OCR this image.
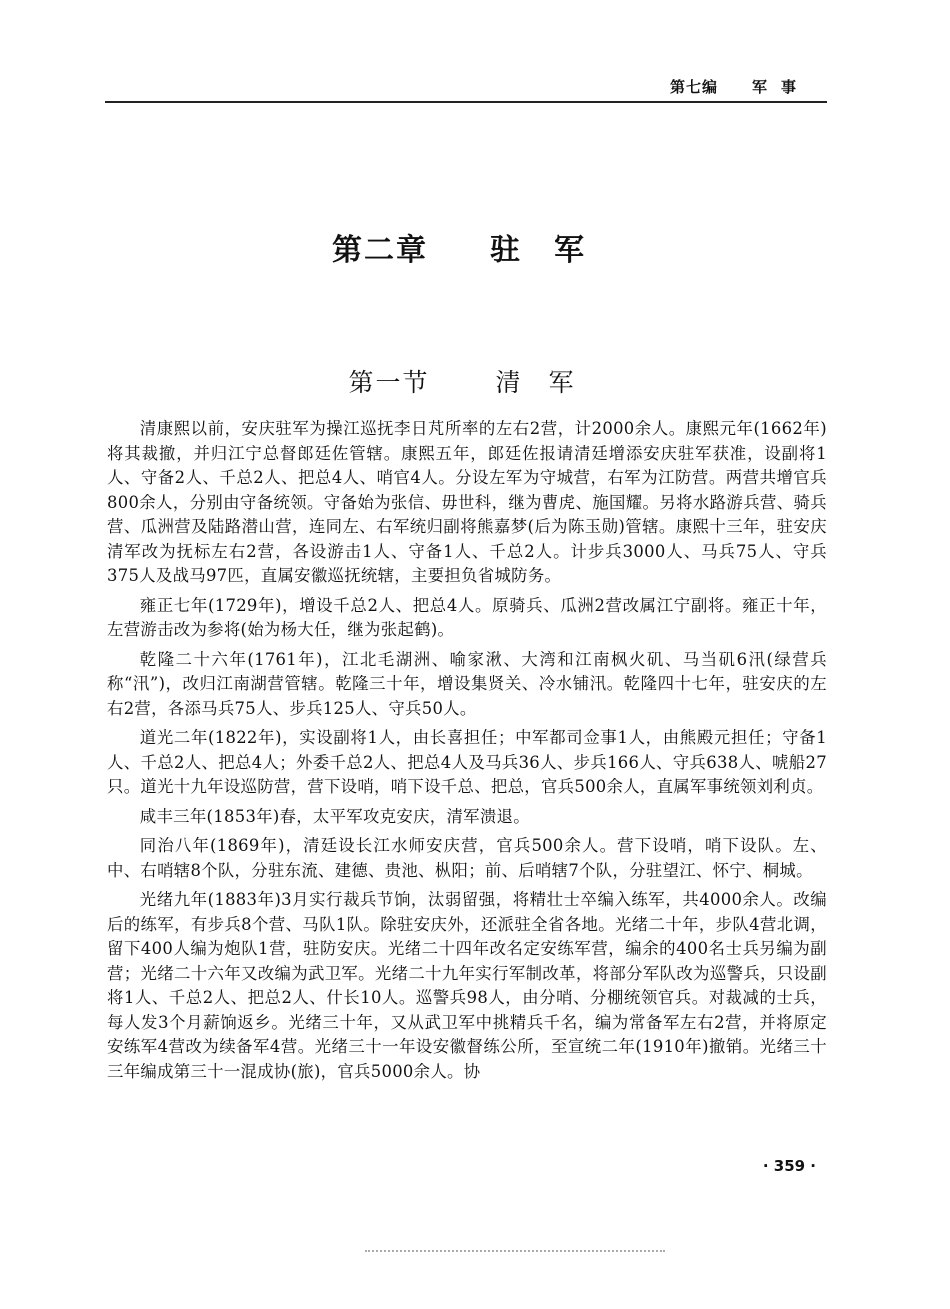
第七编 军事
第二章 驻军
第一节	清军

清康熙以前，安庆驻军为操江巡抚李日芃所率的左右2营，计2000余人。康熙元年(1662年)将其裁撤，并归江宁总督郎廷佐管辖。康熙五年，郎廷佐报请清廷增添安庆驻军获准，设副将1人、守备2人、千总2人、把总4人、哨官4人。分设左军为守城营，右军为江防营。两营共增官兵800余人，分别由守备统领。守备始为张信、毋世科，继为曹虎、施国耀。另将水路游兵营、骑兵营、瓜洲营及陆路潜山营，连同左、右军统归副将熊嘉梦(后为陈玉勋)管辖。康熙十三年，驻安庆清军改为抚标左右2营，各设游击1人、守备1人、千总2人。计步兵3000人、马兵75人、守兵375人及战马97匹，直属安徽巡抚统辖，主要担负省城防务。

雍正七年(1729年)，增设千总2人、把总4人。原骑兵、瓜洲2营改属江宁副将。雍正十年，左营游击改为参将(始为杨大任，继为张起鹤)。

乾隆二十六年(1761年)，江北毛湖洲、喻家湫、大湾和江南枫火矶、马当矶6汛(绿营兵称“汛”)，改归江南湖营管辖。乾隆三十年，增设集贤关、冷水铺汛。乾隆四十七年，驻安庆的左右2营，各添马兵75人、步兵125人、守兵50人。

道光二年(1822年)，实设副将1人，由长喜担任；中军都司佥事1人，由熊殿元担任；守备1人、千总2人、把总4人；外委千总2人、把总4人及马兵36人、步兵166人、守兵638人、唬船27只。道光十九年设巡防营，营下设哨，哨下设千总、把总，官兵500余人，直属军事统领刘利贞。

咸丰三年(1853年)春，太平军攻克安庆，清军溃退。

同治八年(1869年)，清廷设长江水师安庆营，官兵500余人。营下设哨，哨下设队。左、中、右哨辖8个队，分驻东流、建德、贵池、枞阳；前、后哨辖7个队，分驻望江、怀宁、桐城。

光绪九年(1883年)3月实行裁兵节饷，汰弱留强，将精壮士卒编入练军，共4000余人。改编后的练军，有步兵8个营、马队1队。除驻安庆外，还派驻全省各地。光绪二十年，步队4营北调，留下400人编为炮队1营，驻防安庆。光绪二十四年改名定安练军营，编余的400名士兵另编为副营；光绪二十六年又改编为武卫军。光绪二十九年实行军制改革，将部分军队改为巡警兵，只设副将1人、千总2人、把总2人、什长10人。巡警兵98人，由分哨、分棚统领官兵。对裁减的士兵，每人发3个月薪饷返乡。光绪三十年，又从武卫军中挑精兵千名，编为常备军左右2营，并将原定安练军4营改为续备军4营。光绪三十一年设安徽督练公所，至宣统二年(1910年)撤销。光绪三十三年编成第三十一混成协(旅)，官兵5000余人。协

· 359 ·
